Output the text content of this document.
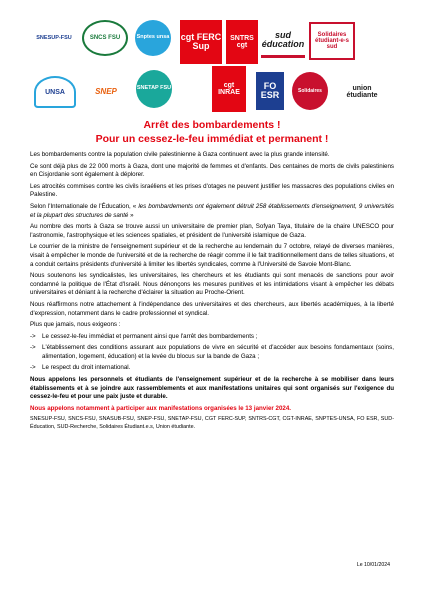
SNESUP-FSU	SNCS FSU	Snptes unsa cgt FERC Sup
SNTRS cgt
sud éducation
Solidaires étudiant-e-s sud
UNSA	SNEP	SNETAP FSU	cgt INRAE
FO ESR	Solidaires	union étudiante
Arrêt des bombardements !
Pour un cessez-le-feu immédiat et permanent !

Les bombardements contre la population civile palestinienne à Gaza continuent avec la plus grande intensité.

Ce sont déjà plus de 22 000 morts à Gaza, dont une majorité de femmes et d'enfants. Des centaines de morts de civils palestiniens en Cisjordanie sont également à déplorer.

Les atrocités commises contre les civils israéliens et les prises d'otages ne peuvent justifier les massacres des populations civiles en Palestine.

Selon l'Internationale de l'Éducation, « les bombardements ont également détruit 258 établissements d'enseignement, 9 universités et la plupart des structures de santé »

Au nombre des morts à Gaza se trouve aussi un universitaire de premier plan, Sofyan Taya, titulaire de la chaire UNESCO pour l'astronomie, l'astrophysique et les sciences spatiales, et président de l'université islamique de Gaza.

Le courrier de la ministre de l'enseignement supérieur et de la recherche au lendemain du 7 octobre, relayé de diverses manières, visait à empêcher le monde de l'université et de la recherche de réagir comme il le fait traditionnellement dans de telles situations, et a conduit certains présidents d'université à limiter les libertés syndicales, comme à l'Université de Savoie Mont-Blanc.

Nous soutenons les syndicalistes, les universitaires, les chercheurs et les étudiants qui sont menacés de sanctions pour avoir condamné la politique de l'État d'Israël. Nous dénonçons les mesures punitives et les intimidations visant à empêcher les débats universitaires et déniant à la recherche d'éclairer la situation au Proche-Orient.

Nous réaffirmons notre attachement à l'indépendance des universitaires et des chercheurs, aux libertés académiques, à la liberté d'expression, notamment dans le cadre professionnel et syndical.

Plus que jamais, nous exigeons :

-> Le cessez-le-feu immédiat et permanent ainsi que l'arrêt des bombardements ;
-> L'établissement des conditions assurant aux populations de vivre en sécurité et d'accéder aux besoins fondamentaux (soins, alimentation, logement, éducation) et la levée du blocus sur la bande de Gaza ;
-> Le respect du droit international.

Nous appelons les personnels et étudiants de l'enseignement supérieur et de la recherche à se mobiliser dans leurs établissements et à se joindre aux rassemblements et aux manifestations unitaires qui sont organisés sur l'exigence du cessez-le-feu et pour une paix juste et durable.

Nous appelons notamment à participer aux manifestations organisées le 13 janvier 2024.

SNESUP-FSU, SNCS-FSU, SNASUB-FSU, SNEP-FSU, SNETAP-FSU, CGT FERC-SUP, SNTRS-CGT, CGT-INRAE, SNPTES-UNSA, FO ESR, SUD-Éducation, SUD-Recherche, Solidaires Étudiant.e.s, Union étudiante.

Le 10/01/2024
